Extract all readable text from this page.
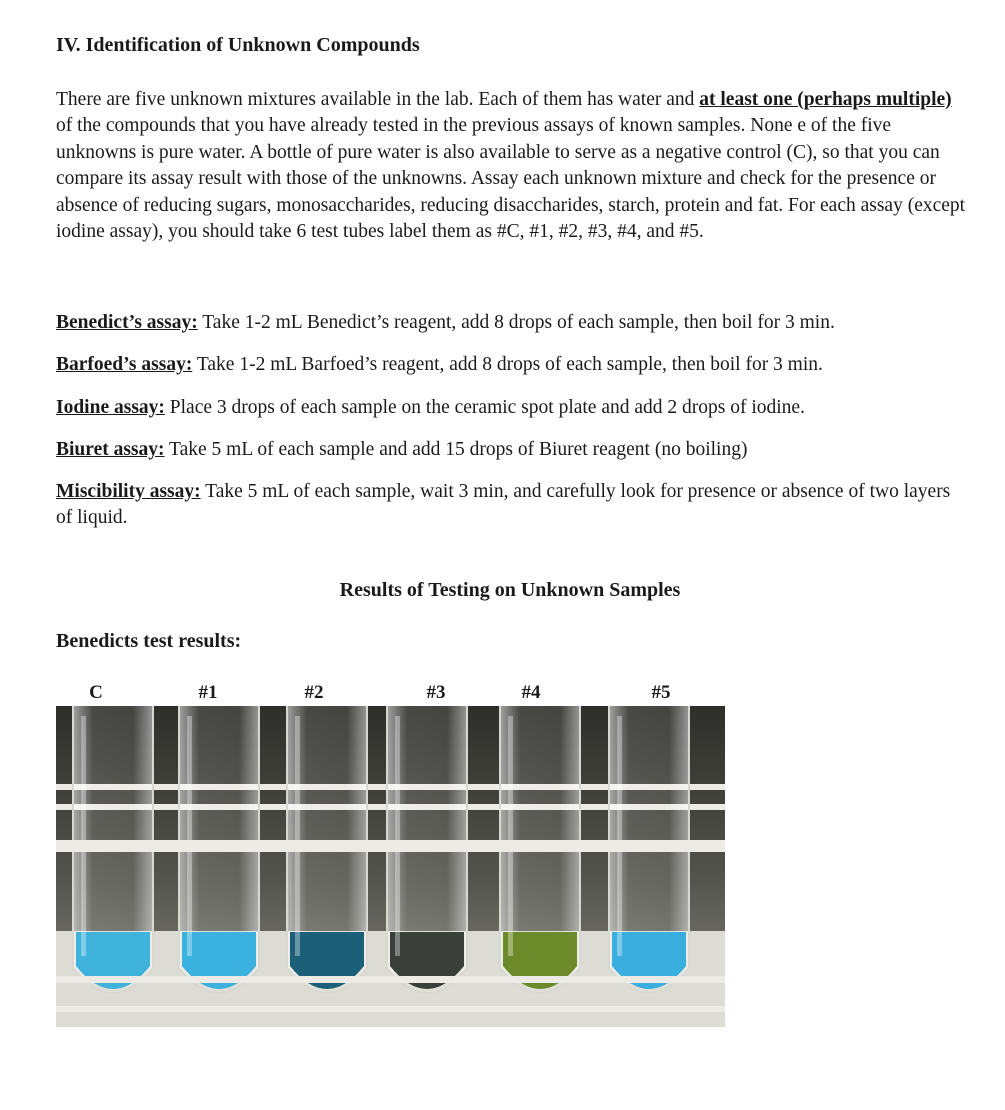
IV. Identification of Unknown Compounds

There are five unknown mixtures available in the lab. Each of them has water and at least one (perhaps multiple) of the compounds that you have already tested in the previous assays of known samples. None e of the five unknowns is pure water. A bottle of pure water is also available to serve as a negative control (C), so that you can compare its assay result with those of the unknowns. Assay each unknown mixture and check for the presence or absence of reducing sugars, monosaccharides, reducing disaccharides, starch, protein and fat. For each assay (except iodine assay), you should take 6 test tubes label them as #C, #1, #2, #3, #4, and #5.

Benedict’s assay: Take 1-2 mL Benedict’s reagent, add 8 drops of each sample, then boil for 3 min.

Barfoed’s assay: Take 1-2 mL Barfoed’s reagent, add 8 drops of each sample, then boil for 3 min.

Iodine assay: Place 3 drops of each sample on the ceramic spot plate and add 2 drops of iodine.

Biuret assay: Take 5 mL of each sample and add 15 drops of Biuret reagent (no boiling)

Miscibility assay: Take 5 mL of each sample, wait 3 min, and carefully look for presence or absence of two layers of liquid.

Results of Testing on Unknown Samples
Benedicts test results:
C	#1	#2	#3	#4	#5
